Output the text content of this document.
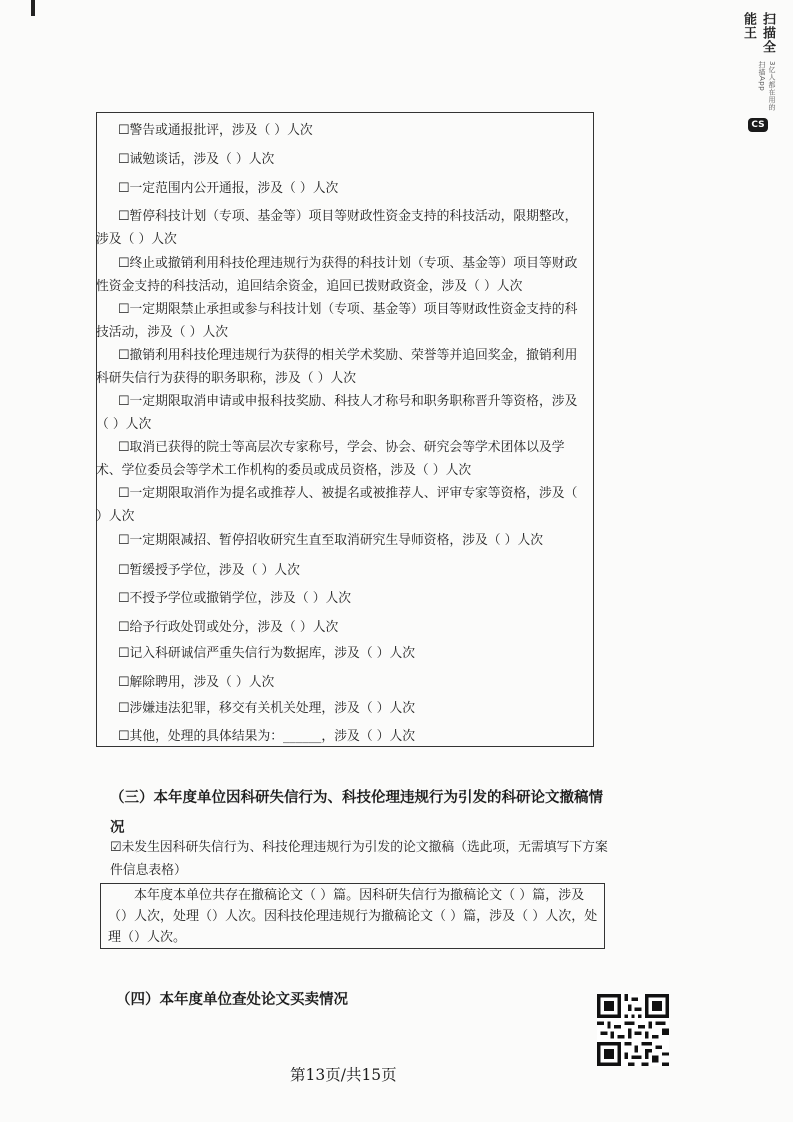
扫描全能王
3亿人都在用的扫描App
CS
☐警告或通报批评，涉及（ ）人次
☐诫勉谈话，涉及（ ）人次
☐一定范围内公开通报，涉及（ ）人次
☐暂停科技计划（专项、基金等）项目等财政性资金支持的科技活动，限期整改，涉及（ ）人次
☐终止或撤销利用科技伦理违规行为获得的科技计划（专项、基金等）项目等财政性资金支持的科技活动，追回结余资金，追回已拨财政资金，涉及（ ）人次
☐一定期限禁止承担或参与科技计划（专项、基金等）项目等财政性资金支持的科技活动，涉及（ ）人次
☐撤销利用科技伦理违规行为获得的相关学术奖励、荣誉等并追回奖金，撤销利用科研失信行为获得的职务职称，涉及（ ）人次
☐一定期限取消申请或申报科技奖励、科技人才称号和职务职称晋升等资格，涉及（ ）人次
☐取消已获得的院士等高层次专家称号，学会、协会、研究会等学术团体以及学术、学位委员会等学术工作机构的委员或成员资格，涉及（ ）人次
☐一定期限取消作为提名或推荐人、被提名或被推荐人、评审专家等资格，涉及（ ）人次
☐一定期限减招、暂停招收研究生直至取消研究生导师资格，涉及（ ）人次
☐暂缓授予学位，涉及（ ）人次
☐不授予学位或撤销学位，涉及（ ）人次
☐给予行政处罚或处分，涉及（ ）人次
☐记入科研诚信严重失信行为数据库，涉及（ ）人次
☐解除聘用，涉及（ ）人次
☐涉嫌违法犯罪，移交有关机关处理，涉及（ ）人次
☐其他，处理的具体结果为：______，涉及（ ）人次
（三）本年度单位因科研失信行为、科技伦理违规行为引发的科研论文撤稿情
况
☑未发生因科研失信行为、科技伦理违规行为引发的论文撤稿（选此项，无需填写下方案件信息表格）
本年度本单位共存在撤稿论文（ ）篇。因科研失信行为撤稿论文（ ）篇，涉及（）人次，处理（）人次。因科技伦理违规行为撤稿论文（ ）篇，涉及（ ）人次，处理（）人次。
（四）本年度单位查处论文买卖情况
第13页/共15页
